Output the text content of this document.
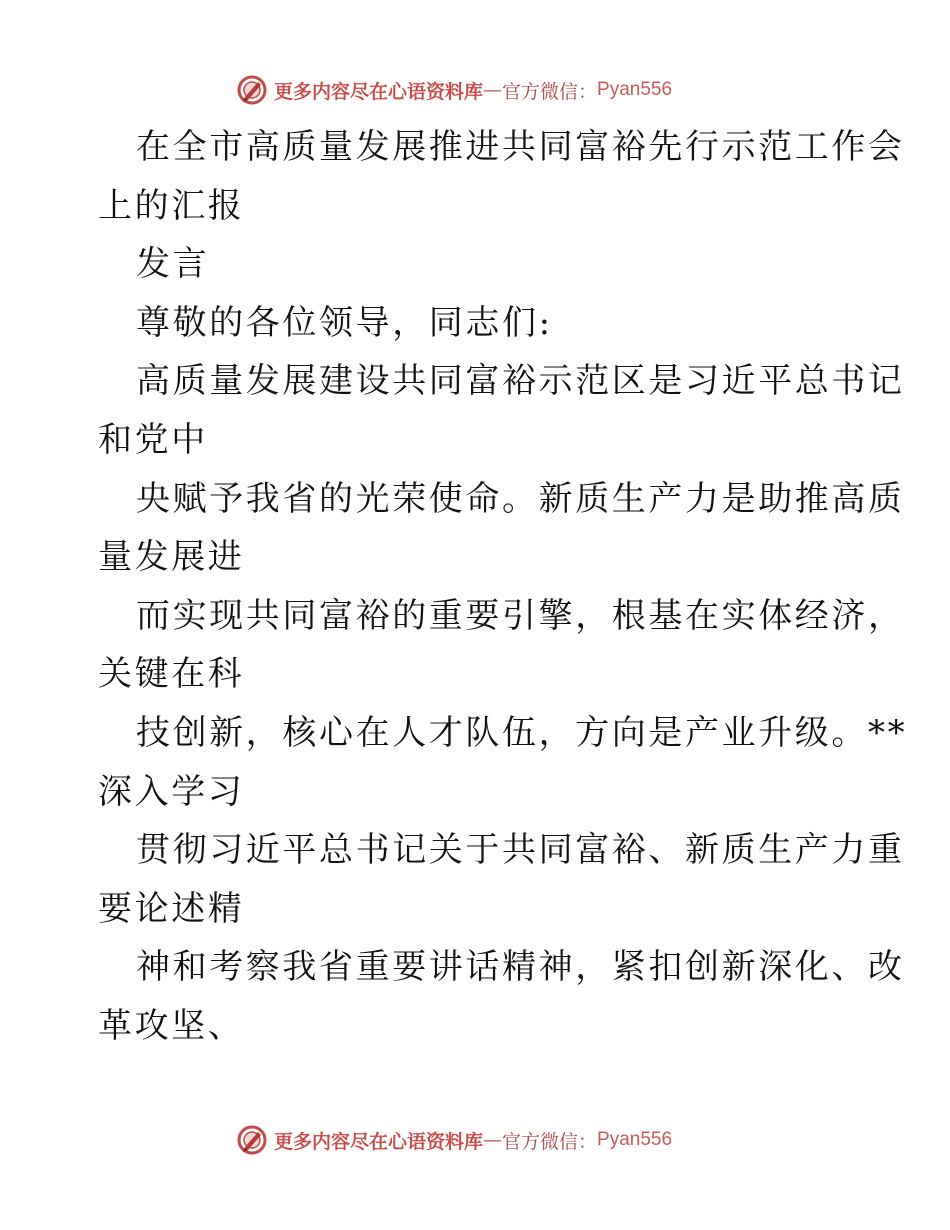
更多内容尽在心语资料库 — 官方微信： Pyan556
在全市高质量发展推进共同富裕先行示范工作会
上的汇报
发言
尊敬的各位领导，同志们:
高质量发展建设共同富裕示范区是习近平总书记
和党中
央赋予我省的光荣使命。新质生产力是助推高质
量发展进
而实现共同富裕的重要引擎，根基在实体经济，
关键在科
技创新，核心在人才队伍，方向是产业升级。**
深入学习
贯彻习近平总书记关于共同富裕、新质生产力重
要论述精
神和考察我省重要讲话精神，紧扣创新深化、改
革攻坚、
更多内容尽在心语资料库 — 官方微信： Pyan556
